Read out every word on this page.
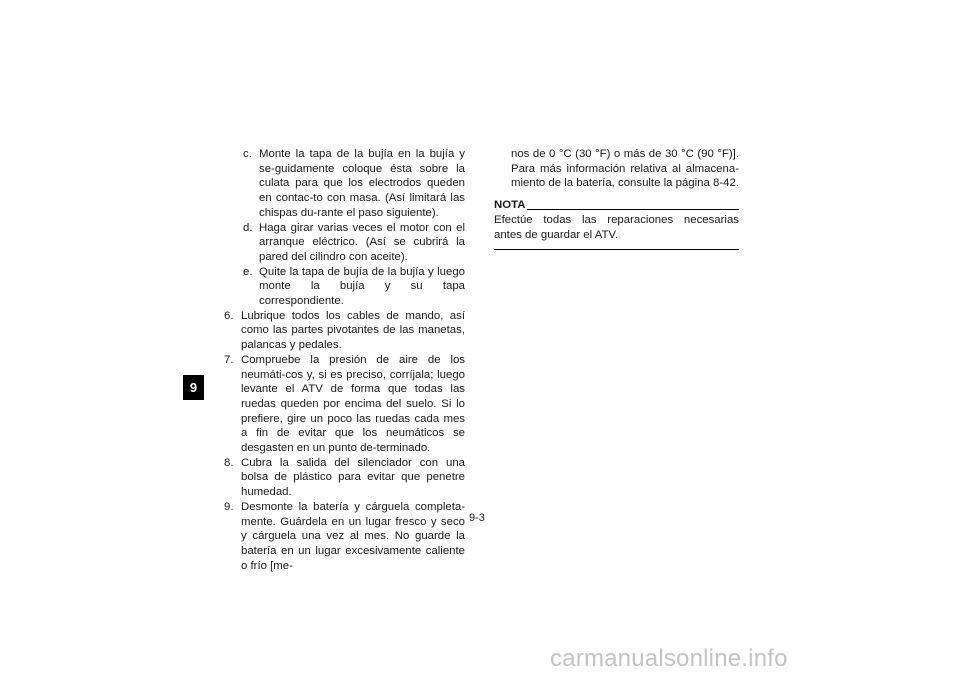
9
c. Monte la tapa de la bujía en la bujía y se-guidamente coloque ésta sobre la culata para que los electrodos queden en contac-to con masa. (Así limitará las chispas du-rante el paso siguiente).
d. Haga girar varias veces el motor con el arranque eléctrico. (Así se cubrirá la pared del cilindro con aceite).
e. Quite la tapa de bujía de la bujía y luego monte la bujía y su tapa correspondiente.
6. Lubrique todos los cables de mando, así como las partes pivotantes de las manetas, palancas y pedales.
7. Compruebe la presión de aire de los neumáti-cos y, si es preciso, corríjala; luego levante el ATV de forma que todas las ruedas queden por encima del suelo. Si lo prefiere, gire un poco las ruedas cada mes a fin de evitar que los neumáticos se desgasten en un punto de-terminado.
8. Cubra la salida del silenciador con una bolsa de plástico para evitar que penetre humedad.
9. Desmonte la batería y cárguela completa-mente. Guárdela en un lugar fresco y seco y cárguela una vez al mes. No guarde la batería en un lugar excesivamente caliente o frío [me-
nos de 0 °C (30 °F) o más de 30 °C (90 °F)]. Para más información relativa al almacena-miento de la batería, consulte la página 8-42.
NOTA
Efectúe todas las reparaciones necesarias antes de guardar el ATV.
9-3
carmanualsonline.info
